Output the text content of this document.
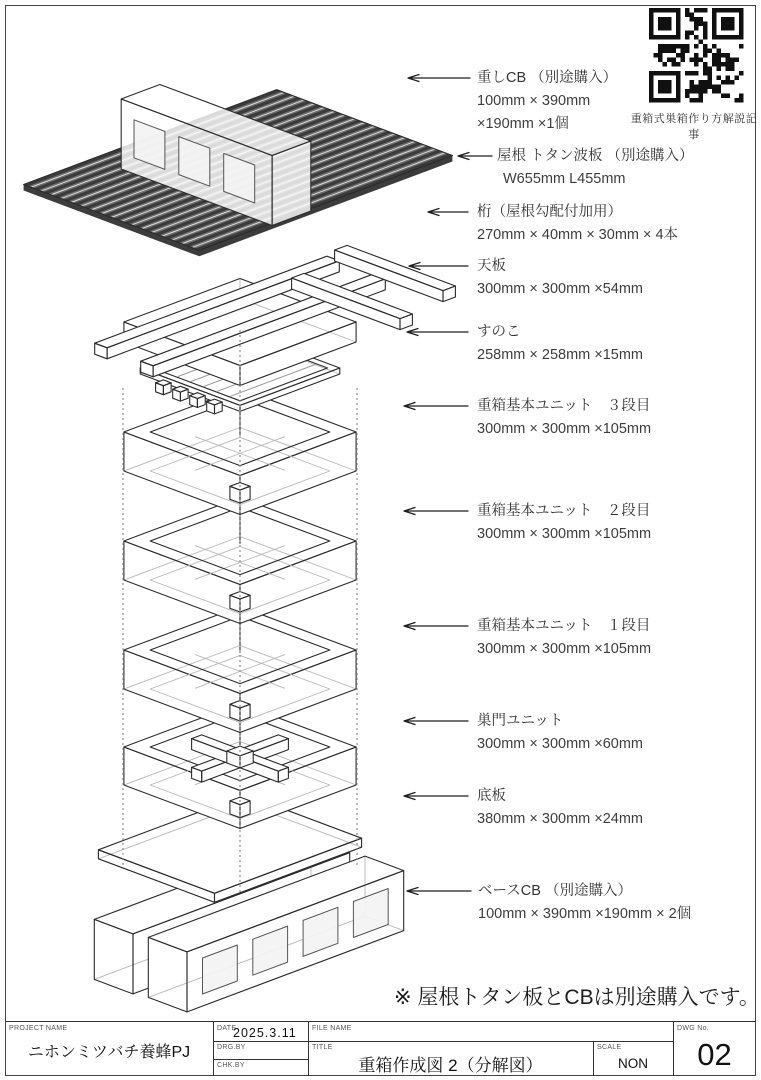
重箱式巣箱作り方解説記事
重しCB （別途購入）
100mm × 390mm
×190mm ×1個
屋根 トタン波板 （別途購入）
W655mm L455mm
桁（屋根勾配付加用）
270mm × 40mm × 30mm × 4本
天板
300mm × 300mm ×54mm
すのこ
258mm × 258mm ×15mm
重箱基本ユニット　３段目
300mm × 300mm ×105mm
重箱基本ユニット　２段目
300mm × 300mm ×105mm
重箱基本ユニット　１段目
300mm × 300mm ×105mm
巣門ユニット
300mm × 300mm ×60mm
底板
380mm × 300mm ×24mm
ベースCB （別途購入）
100mm × 390mm ×190mm × 2個
※ 屋根トタン板とCBは別途購入です。
PROJECT NAME
ニホンミツバチ養蜂PJ
DATE
2025.3.11
DRG.BY
CHK.BY
FILE NAME
TITLE
重箱作成図 2（分解図）
SCALE
NON
DWG No.
02
